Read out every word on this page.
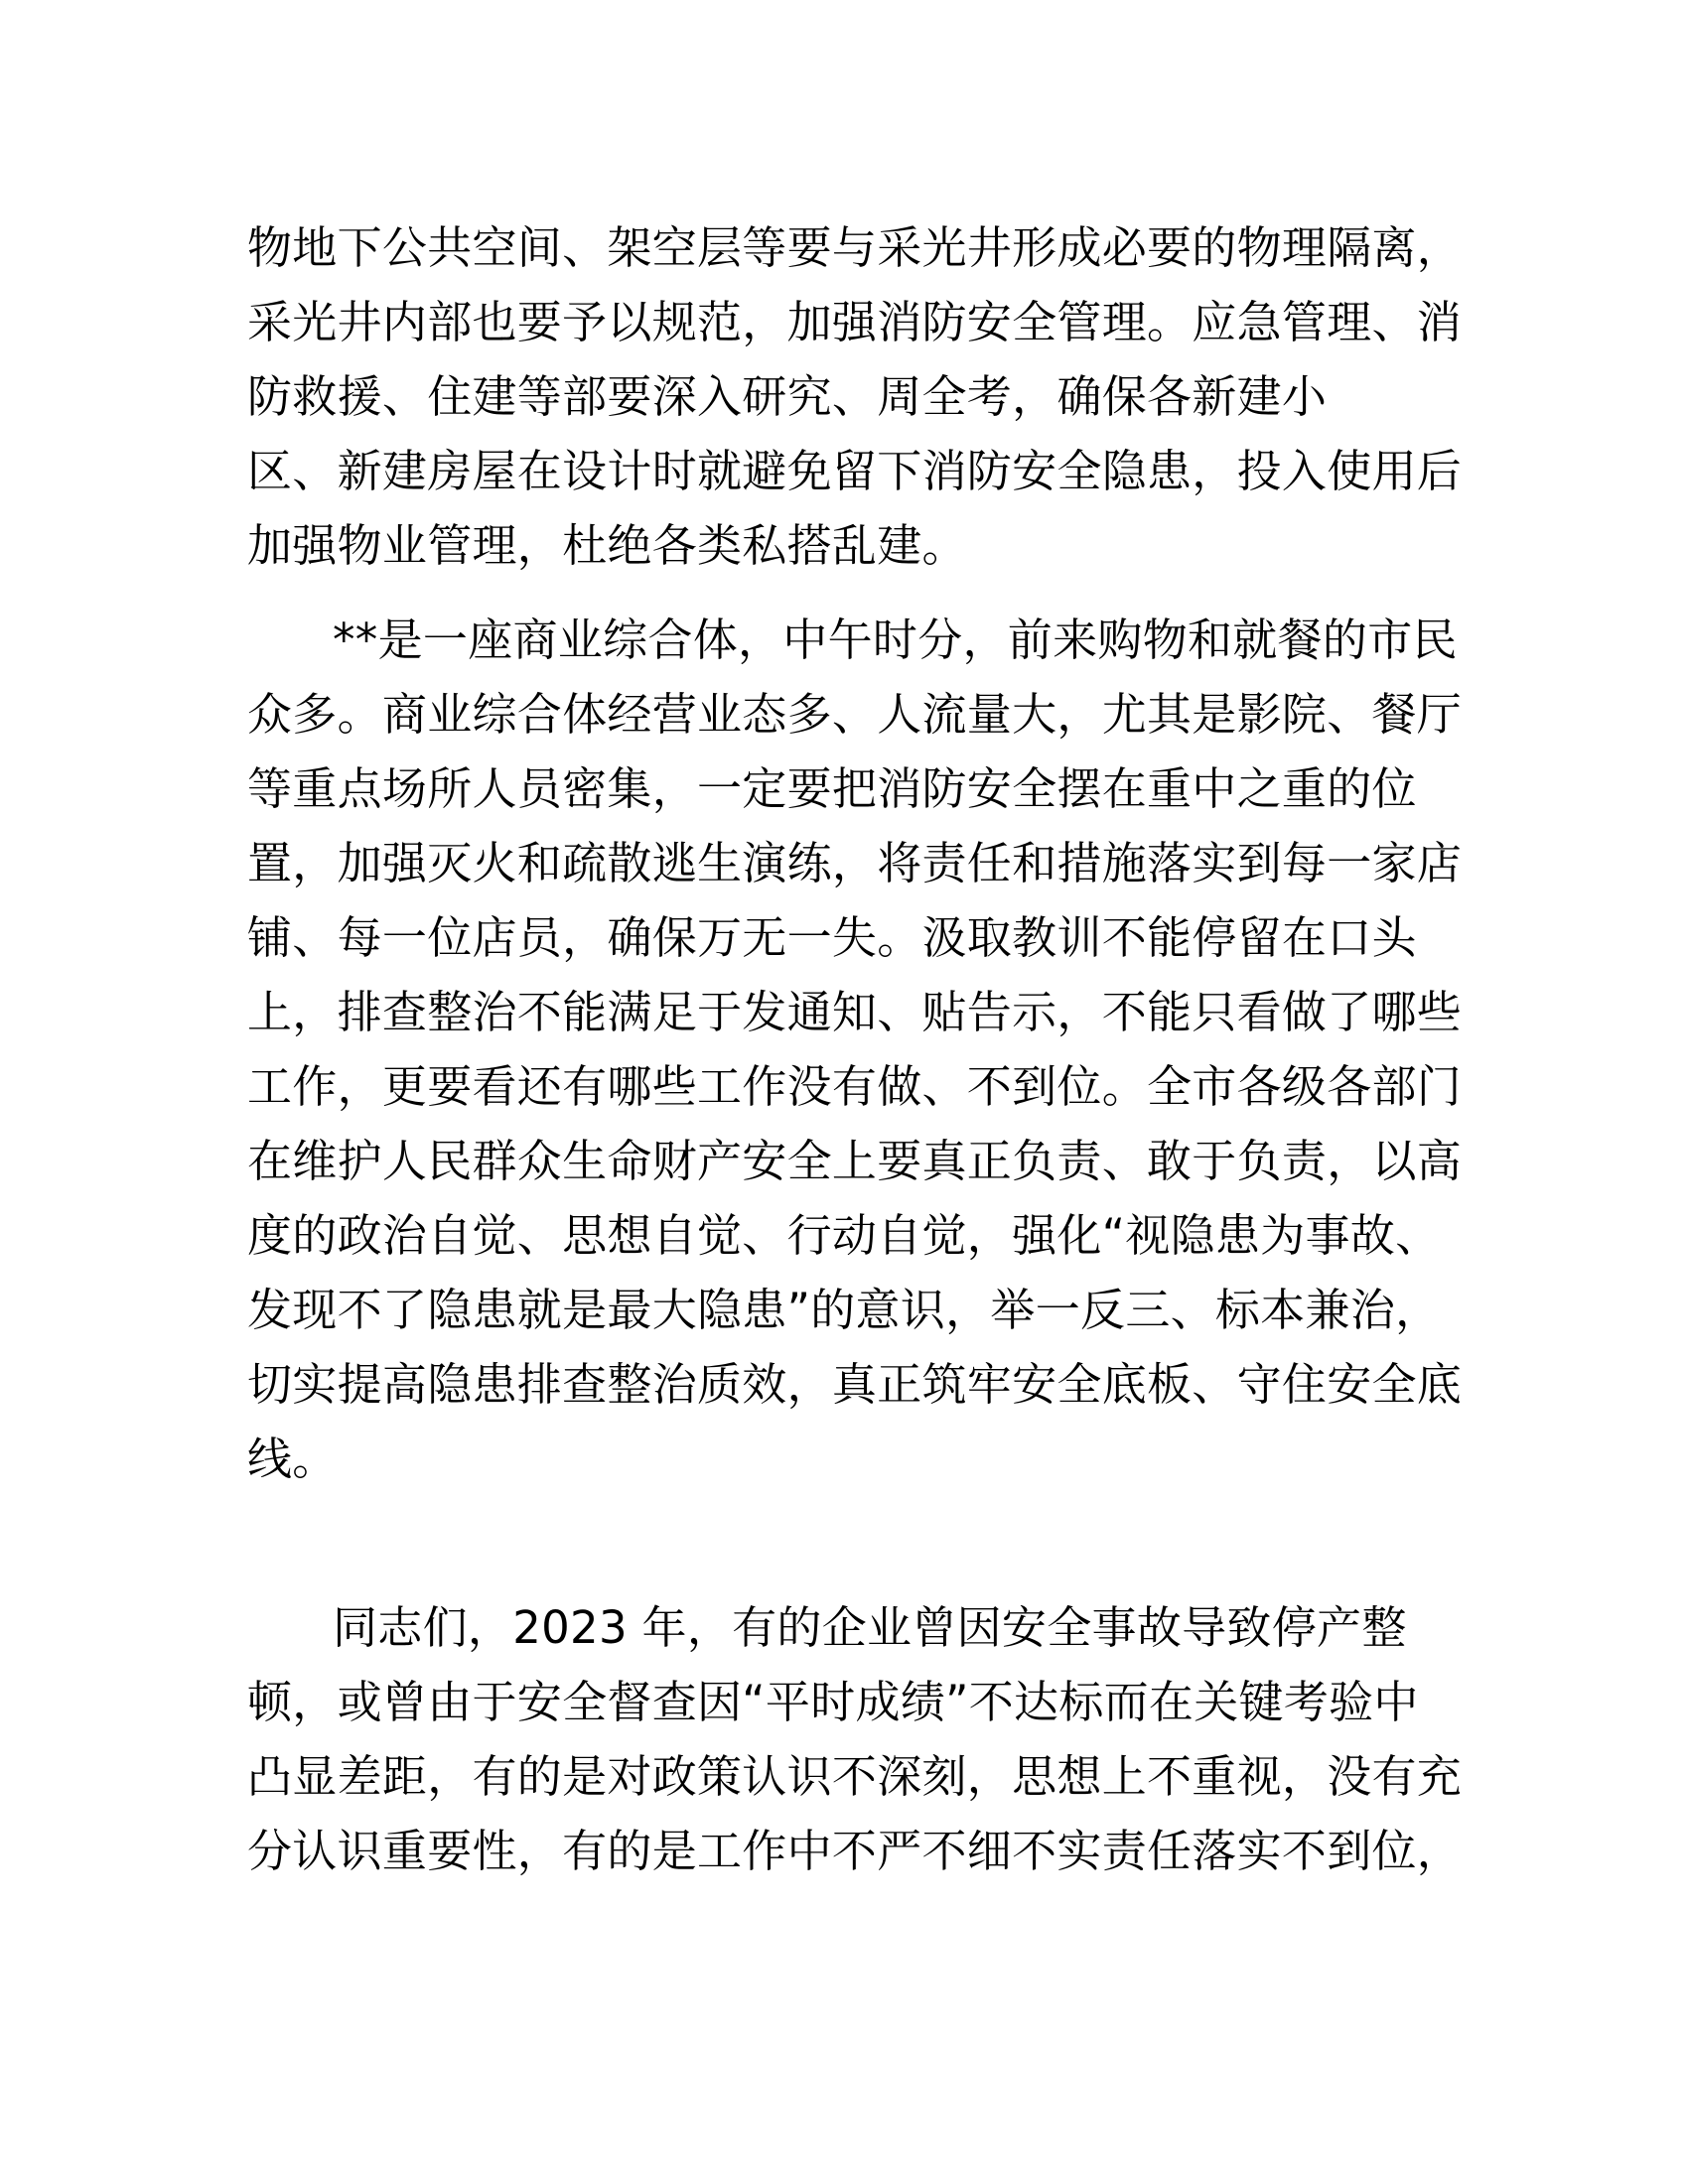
物地下公共空间、架空层等要与采光井形成必要的物理隔离，
采光井内部也要予以规范，加强消防安全管理。应急管理、消
防救援、住建等部要深入研究、周全考，确保各新建小
区、新建房屋在设计时就避免留下消防安全隐患，投入使用后
加强物业管理，杜绝各类私搭乱建。
**是一座商业综合体，中午时分，前来购物和就餐的市民
众多。商业综合体经营业态多、人流量大，尤其是影院、餐厅
等重点场所人员密集，一定要把消防安全摆在重中之重的位
置，加强灭火和疏散逃生演练，将责任和措施落实到每一家店
铺、每一位店员，确保万无一失。汲取教训不能停留在口头
上，排查整治不能满足于发通知、贴告示，不能只看做了哪些
工作，更要看还有哪些工作没有做、不到位。全市各级各部门
在维护人民群众生命财产安全上要真正负责、敢于负责，以高
度的政治自觉、思想自觉、行动自觉，强化“视隐患为事故、
发现不了隐患就是最大隐患”的意识，举一反三、标本兼治，
切实提高隐患排查整治质效，真正筑牢安全底板、守住安全底
线。
同志们，2023 年，有的企业曾因安全事故导致停产整
顿，或曾由于安全督查因“平时成绩”不达标而在关键考验中
凸显差距，有的是对政策认识不深刻，思想上不重视，没有充
分认识重要性，有的是工作中不严不细不实责任落实不到位，
